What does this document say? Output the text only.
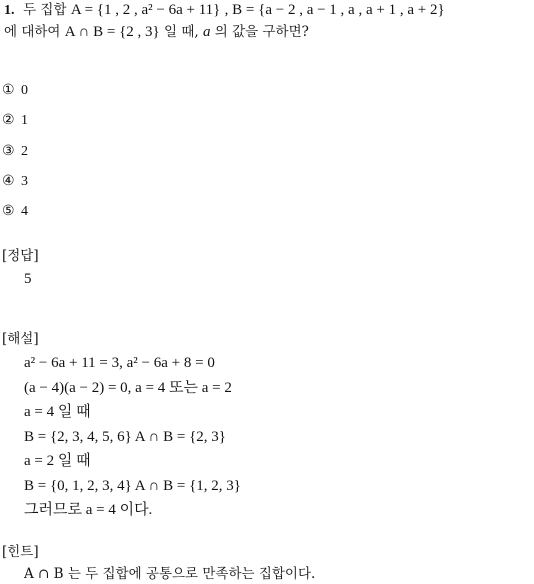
1. 두 집합 A = {1 , 2 , a² − 6a + 11} , B = {a − 2 , a − 1 , a , a + 1 , a + 2}
에 대하여 A ∩ B = {2 , 3} 일 때, a 의 값을 구하면?
① 0
② 1
③ 2
④ 3
⑤ 4
[정답]
5
[해설]
a² − 6a + 11 = 3, a² − 6a + 8 = 0
(a − 4)(a − 2) = 0, a = 4 또는 a = 2
a = 4 일 때
B = {2, 3, 4, 5, 6} A ∩ B = {2, 3}
a = 2 일 때
B = {0, 1, 2, 3, 4} A ∩ B = {1, 2, 3}
그러므로 a = 4 이다.
[힌트]
A ∩ B 는 두 집합에 공통으로 만족하는 집합이다.
